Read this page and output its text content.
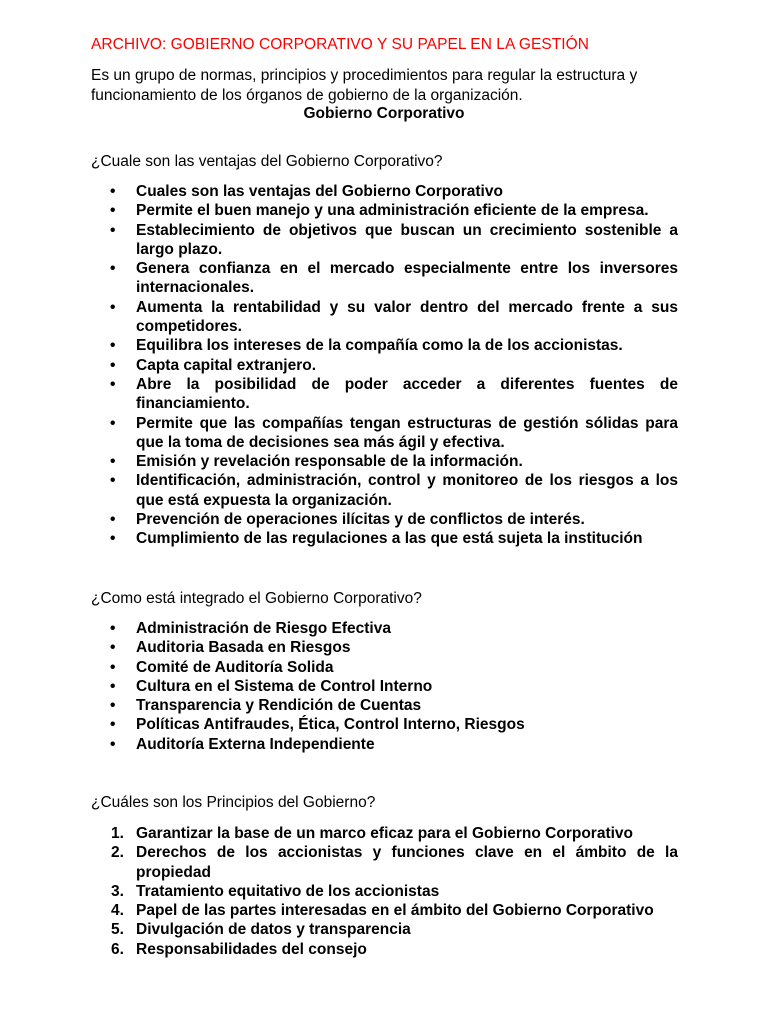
ARCHIVO: GOBIERNO CORPORATIVO Y SU PAPEL EN LA GESTIÓN

Es un grupo de normas, principios y procedimientos para regular la estructura y funcionamiento de los órganos de gobierno de la organización.

Gobierno Corporativo

¿Cuale son las ventajas del Gobierno Corporativo?

• Cuales son las ventajas del Gobierno Corporativo
• Permite el buen manejo y una administración eficiente de la empresa.
• Establecimiento de objetivos que buscan un crecimiento sostenible a largo plazo.
• Genera confianza en el mercado especialmente entre los inversores internacionales.
• Aumenta la rentabilidad y su valor dentro del mercado frente a sus competidores.
• Equilibra los intereses de la compañía como la de los accionistas.
• Capta capital extranjero.
• Abre la posibilidad de poder acceder a diferentes fuentes de financiamiento.
• Permite que las compañías tengan estructuras de gestión sólidas para que la toma de decisiones sea más ágil y efectiva.
• Emisión y revelación responsable de la información.
• Identificación, administración, control y monitoreo de los riesgos a los que está expuesta la organización.
• Prevención de operaciones ilícitas y de conflictos de interés.
• Cumplimiento de las regulaciones a las que está sujeta la institución

¿Como está integrado el Gobierno Corporativo?

• Administración de Riesgo Efectiva
• Auditoria Basada en Riesgos
• Comité de Auditoría Solida
• Cultura en el Sistema de Control Interno
• Transparencia y Rendición de Cuentas
• Políticas Antifraudes, Ética, Control Interno, Riesgos
• Auditoría Externa Independiente

¿Cuáles son los Principios del Gobierno?

1. Garantizar la base de un marco eficaz para el Gobierno Corporativo
2. Derechos de los accionistas y funciones clave en el ámbito de la propiedad
3. Tratamiento equitativo de los accionistas
4. Papel de las partes interesadas en el ámbito del Gobierno Corporativo
5. Divulgación de datos y transparencia
6. Responsabilidades del consejo
